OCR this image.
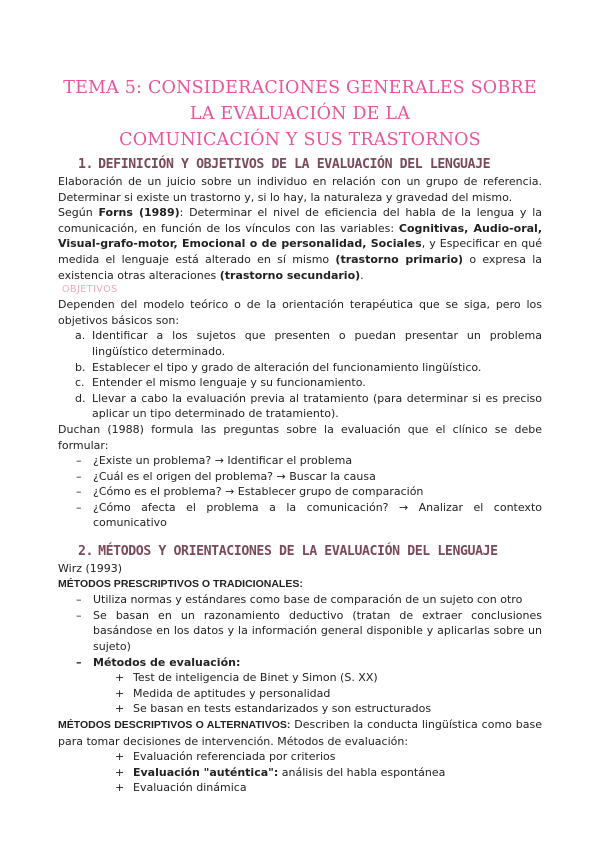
TEMA 5: CONSIDERACIONES GENERALES SOBRE LA EVALUACIÓN DE LA
COMUNICACIÓN Y SUS TRASTORNOS
1. DEFINICIÓN Y OBJETIVOS DE LA EVALUACIÓN DEL LENGUAJE

Elaboración de un juicio sobre un individuo en relación con un grupo de referencia. Determinar si existe un trastorno y, si lo hay, la naturaleza y gravedad del mismo.

Según Forns (1989): Determinar el nivel de eficiencia del habla de la lengua y la comunicación, en función de los vínculos con las variables: Cognitivas, Audio-oral, Visual-grafo-motor, Emocional o de personalidad, Sociales, y Especificar en qué medida el lenguaje está alterado en sí mismo (trastorno primario) o expresa la existencia otras alteraciones (trastorno secundario).

OBJETIVOS

Dependen del modelo teórico o de la orientación terapéutica que se siga, pero los objetivos básicos son:

a. Identificar a los sujetos que presenten o puedan presentar un problema lingüístico determinado.
b. Establecer el tipo y grado de alteración del funcionamiento lingüístico.
c. Entender el mismo lenguaje y su funcionamiento.
d. Llevar a cabo la evaluación previa al tratamiento (para determinar si es preciso aplicar un tipo determinado de tratamiento).

Duchan (1988) formula las preguntas sobre la evaluación que el clínico se debe formular:

– ¿Existe un problema? → Identificar el problema
– ¿Cuál es el origen del problema? → Buscar la causa
– ¿Cómo es el problema? → Establecer grupo de comparación
– ¿Cómo afecta el problema a la comunicación? → Analizar el contexto comunicativo
2. MÉTODOS Y ORIENTACIONES DE LA EVALUACIÓN DEL LENGUAJE

Wirz (1993)

MÉTODOS PRESCRIPTIVOS O TRADICIONALES:

– Utiliza normas y estándares como base de comparación de un sujeto con otro
– Se basan en un razonamiento deductivo (tratan de extraer conclusiones basándose en los datos y la información general disponible y aplicarlas sobre un sujeto)
– Métodos de evaluación:
+ Test de inteligencia de Binet y Simon (S. XX)
+ Medida de aptitudes y personalidad
+ Se basan en tests estandarizados y son estructurados

MÉTODOS DESCRIPTIVOS O ALTERNATIVOS: Describen la conducta lingüística como base para tomar decisiones de intervención. Métodos de evaluación:

+ Evaluación referenciada por criterios
+ Evaluación "auténtica": análisis del habla espontánea
+ Evaluación dinámica
